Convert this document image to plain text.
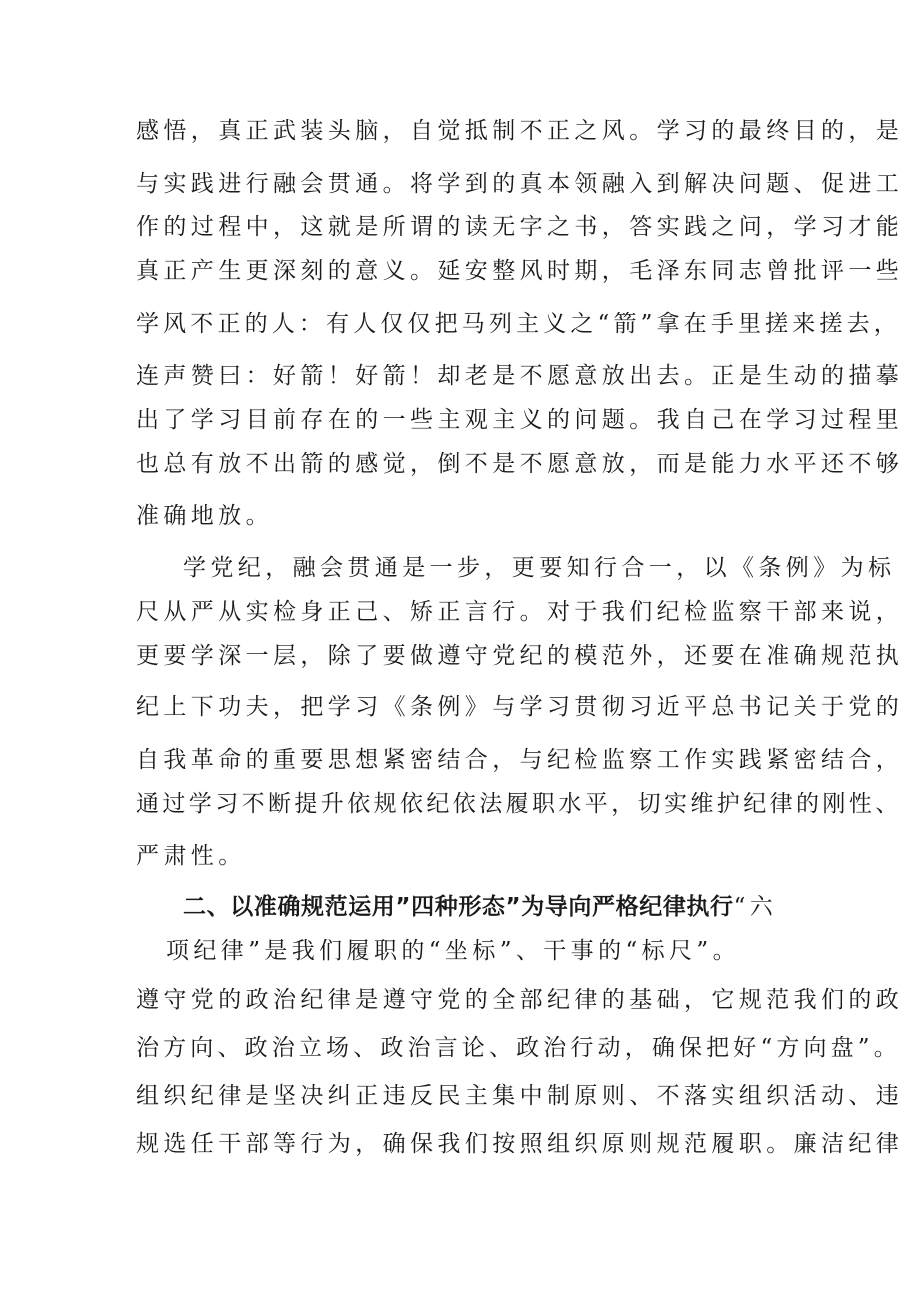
感悟，真正武装头脑，自觉抵制不正之风。学习的最终目的，是
与实践进行融会贯通。将学到的真本领融入到解决问题、促进工
作的过程中，这就是所谓的读无字之书，答实践之问，学习才能
真正产生更深刻的意义。延安整风时期，毛泽东同志曾批评一些
学风不正的人：有人仅仅把马列主义之“箭”拿在手里搓来搓去，
连声赞曰：好箭！好箭！却老是不愿意放出去。正是生动的描摹
出了学习目前存在的一些主观主义的问题。我自己在学习过程里
也总有放不出箭的感觉，倒不是不愿意放，而是能力水平还不够
准确地放。
学党纪，融会贯通是一步，更要知行合一，以《条例》为标
尺从严从实检身正己、矫正言行。对于我们纪检监察干部来说，
更要学深一层，除了要做遵守党纪的模范外，还要在准确规范执
纪上下功夫，把学习《条例》与学习贯彻习近平总书记关于党的
自我革命的重要思想紧密结合，与纪检监察工作实践紧密结合，
通过学习不断提升依规依纪依法履职水平，切实维护纪律的刚性、
严肃性。
二、以准确规范运用”四种形态”为导向严格纪律执行“六
项纪律”是我们履职的“坐标”、干事的“标尺”。
遵守党的政治纪律是遵守党的全部纪律的基础，它规范我们的政
治方向、政治立场、政治言论、政治行动，确保把好“方向盘”。
组织纪律是坚决纠正违反民主集中制原则、不落实组织活动、违
规选任干部等行为，确保我们按照组织原则规范履职。廉洁纪律
